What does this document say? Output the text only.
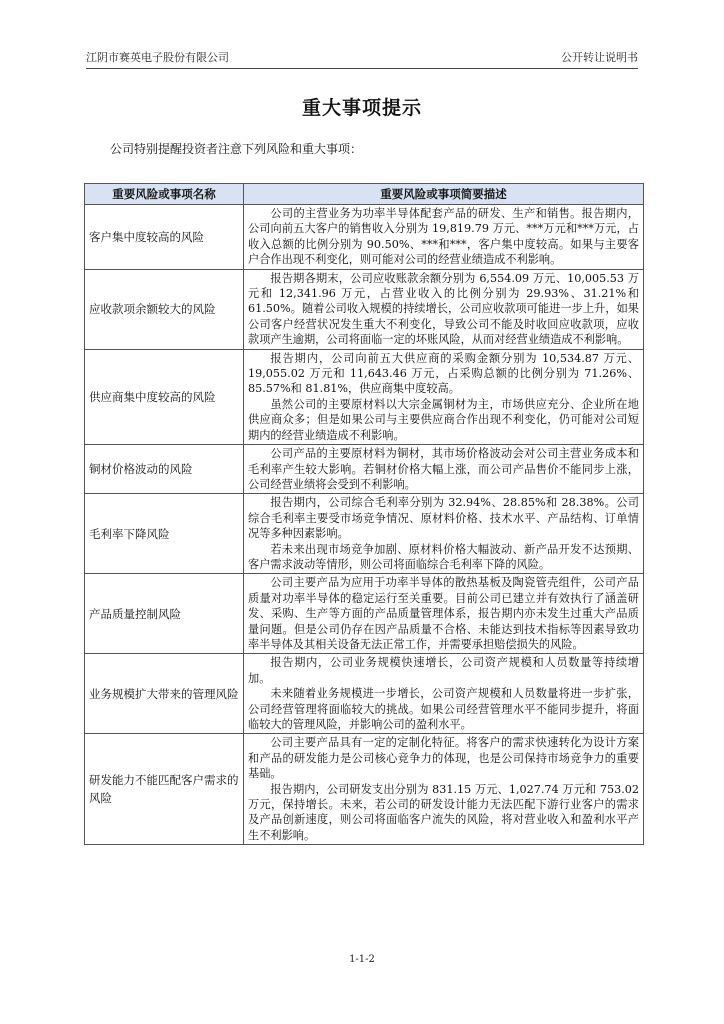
江阴市赛英电子股份有限公司	公开转让说明书
重大事项提示
公司特别提醒投资者注意下列风险和重大事项：
重要风险或事项名称	重要风险或事项简要描述
客户集中度较高的风险	公司的主营业务为功率半导体配套产品的研发、生产和销售。报告期内，公司向前五大客户的销售收入分别为 19,819.79 万元、***万元和***万元，占收入总额的比例分别为 90.50%、***和***，客户集中度较高。如果与主要客户合作出现不利变化，则可能对公司的经营业绩造成不利影响。

应收款项余额较大的风险	报告期各期末，公司应收账款余额分别为 6,554.09 万元、10,005.53 万元和 12,341.96 万元，占营业收入的比例分别为 29.93%、31.21%和 61.50%。随着公司收入规模的持续增长，公司应收款项可能进一步上升，如果公司客户经营状况发生重大不利变化，导致公司不能及时收回应收款项，应收款项产生逾期，公司将面临一定的坏账风险，从而对经营业绩造成不利影响。

供应商集中度较高的风险	报告期内，公司向前五大供应商的采购金额分别为 10,534.87 万元、19,055.02 万元和 11,643.46 万元，占采购总额的比例分别为 71.26%、85.57%和 81.81%，供应商集中度较高。

虽然公司的主要原材料以大宗金属铜材为主，市场供应充分、企业所在地供应商众多；但是如果公司与主要供应商合作出现不利变化，仍可能对公司短期内的经营业绩造成不利影响。

铜材价格波动的风险	公司产品的主要原材料为铜材，其市场价格波动会对公司主营业务成本和毛利率产生较大影响。若铜材价格大幅上涨，而公司产品售价不能同步上涨，公司经营业绩将会受到不利影响。

毛利率下降风险	报告期内，公司综合毛利率分别为 32.94%、28.85%和 28.38%。公司综合毛利率主要受市场竞争情况、原材料价格、技术水平、产品结构、订单情况等多种因素影响。

若未来出现市场竞争加剧、原材料价格大幅波动、新产品开发不达预期、客户需求波动等情形，则公司将面临综合毛利率下降的风险。

产品质量控制风险	公司主要产品为应用于功率半导体的散热基板及陶瓷管壳组件，公司产品质量对功率半导体的稳定运行至关重要。目前公司已建立并有效执行了涵盖研发、采购、生产等方面的产品质量管理体系，报告期内亦未发生过重大产品质量问题。但是公司仍存在因产品质量不合格、未能达到技术指标等因素导致功率半导体及其相关设备无法正常工作，并需要承担赔偿损失的风险。

业务规模扩大带来的管理风险	报告期内，公司业务规模快速增长，公司资产规模和人员数量等持续增加。

未来随着业务规模进一步增长，公司资产规模和人员数量将进一步扩张，公司经营管理将面临较大的挑战。如果公司经营管理水平不能同步提升，将面临较大的管理风险，并影响公司的盈利水平。

研发能力不能匹配客户需求的风险	公司主要产品具有一定的定制化特征。将客户的需求快速转化为设计方案和产品的研发能力是公司核心竞争力的体现，也是公司保持市场竞争力的重要基础。

报告期内，公司研发支出分别为 831.15 万元、1,027.74 万元和 753.02 万元，保持增长。未来，若公司的研发设计能力无法匹配下游行业客户的需求及产品创新速度，则公司将面临客户流失的风险，将对营业收入和盈利水平产生不利影响。

1-1-2
